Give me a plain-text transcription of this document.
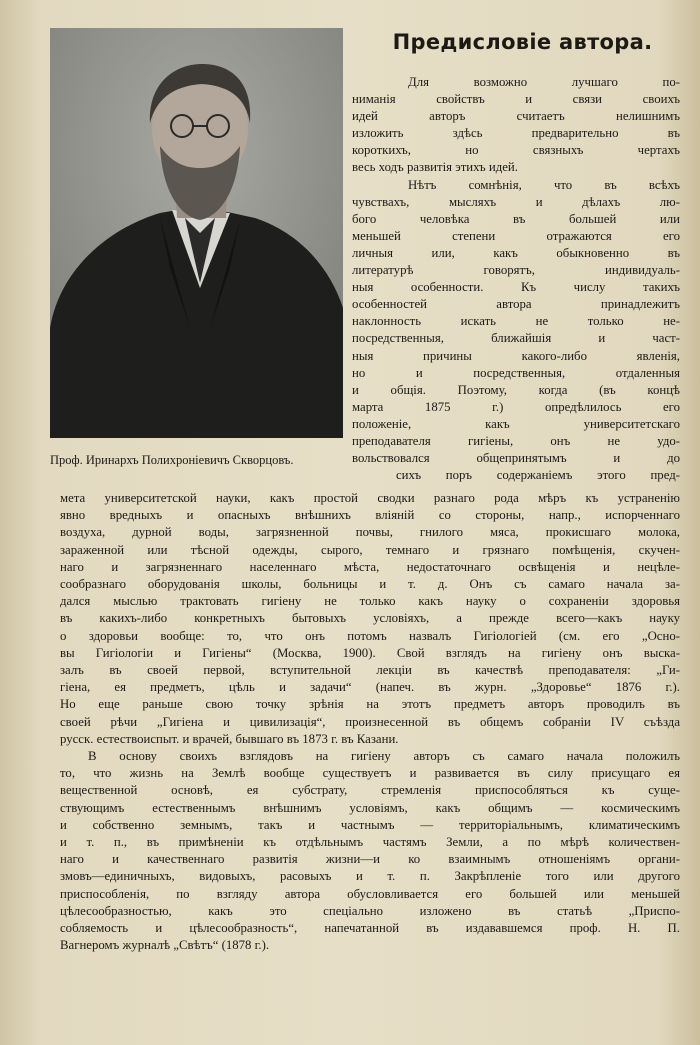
Проф. Иринархъ Полихроніевичъ Скворцовъ.
Предисловіе автора.
Для возможно лучшаго по-
ниманія свойствъ и связи своихъ
идей авторъ считаетъ нелишнимъ
изложить здѣсь предварительно въ
короткихъ, но связныхъ чертахъ
весь ходъ развитія этихъ идей.
Нѣтъ сомнѣнія, что въ всѣхъ
чувствахъ, мысляхъ и дѣлахъ лю-
бого человѣка въ большей или
меньшей степени отражаются его
личныя или, какъ обыкновенно въ
литературѣ говорятъ, индивидуаль-
ныя особенности. Къ числу такихъ
особенностей автора принадлежитъ
наклонность искать не только не-
посредственныя, ближайшія и част-
ныя причины какого-либо явленія,
но и посредственныя, отдаленныя
и общія. Поэтому, когда (въ концѣ
марта 1875 г.) опредѣлилось его
положеніе, какъ университетскаго
преподавателя гигіены, онъ не удо-
вольствовался общепринятымъ и до
сихъ поръ содержаніемъ этого пред-
мета университетской науки, какъ простой сводки разнаго рода мѣръ къ устраненію
явно вредныхъ и опасныхъ внѣшнихъ вліяній со стороны, напр., испорченнаго
воздуха, дурной воды, загрязненной почвы, гнилого мяса, прокисшаго молока,
зараженной или тѣсной одежды, сырого, темнаго и грязнаго помѣщенія, скучен-
наго и загрязненнаго населеннаго мѣста, недостаточнаго освѣщенія и нецѣле-
сообразнаго оборудованія школы, больницы и т. д. Онъ съ самаго начала за-
дался мыслью трактовать гигіену не только какъ науку о сохраненіи здоровья
въ какихъ-либо конкретныхъ бытовыхъ условіяхъ, а прежде всего—какъ науку
о здоровьи вообще: то, что онъ потомъ назвалъ Гигіологіей (см. его „Осно-
вы Гигіологіи и Гигіены“ (Москва, 1900). Свой взглядъ на гигіену онъ выска-
залъ въ своей первой, вступительной лекціи въ качествѣ преподавателя: „Ги-
гіена, ея предметъ, цѣль и задачи“ (напеч. въ журн. „Здоровье“ 1876 г.).
Но еще раньше свою точку зрѣнія на этотъ предметъ авторъ проводилъ въ
своей рѣчи „Гигіена и цивилизація“, произнесенной въ общемъ собраніи IV съѣзда
русск. естествоиспыт. и врачей, бывшаго въ 1873 г. въ Казани.
В основу своихъ взглядовъ на гигіену авторъ съ самаго начала положилъ
то, что жизнь на Землѣ вообще существуетъ и развивается въ силу присущаго ея
вещественной основѣ, ея субстрату, стремленія приспособляться къ суще-
ствующимъ естественнымъ внѣшнимъ условіямъ, какъ общимъ — космическимъ
и собственно земнымъ, такъ и частнымъ — территоріальнымъ, климатическимъ
и т. п., въ примѣненіи къ отдѣльнымъ частямъ Земли, а по мѣрѣ количествен-
наго и качественнаго развитія жизни—и ко взаимнымъ отношеніямъ органи-
змовъ—единичныхъ, видовыхъ, расовыхъ и т. п. Закрѣпленіе того или другого
приспособленія, по взгляду автора обусловливается его большей или меньшей
цѣлесообразностью, какъ это спеціально изложено въ статьѣ „Приспо-
собляемость и цѣлесообразность“, напечатанной въ издававшемся проф. Н. П.
Вагнеромъ журналѣ „Свѣтъ“ (1878 г.).
